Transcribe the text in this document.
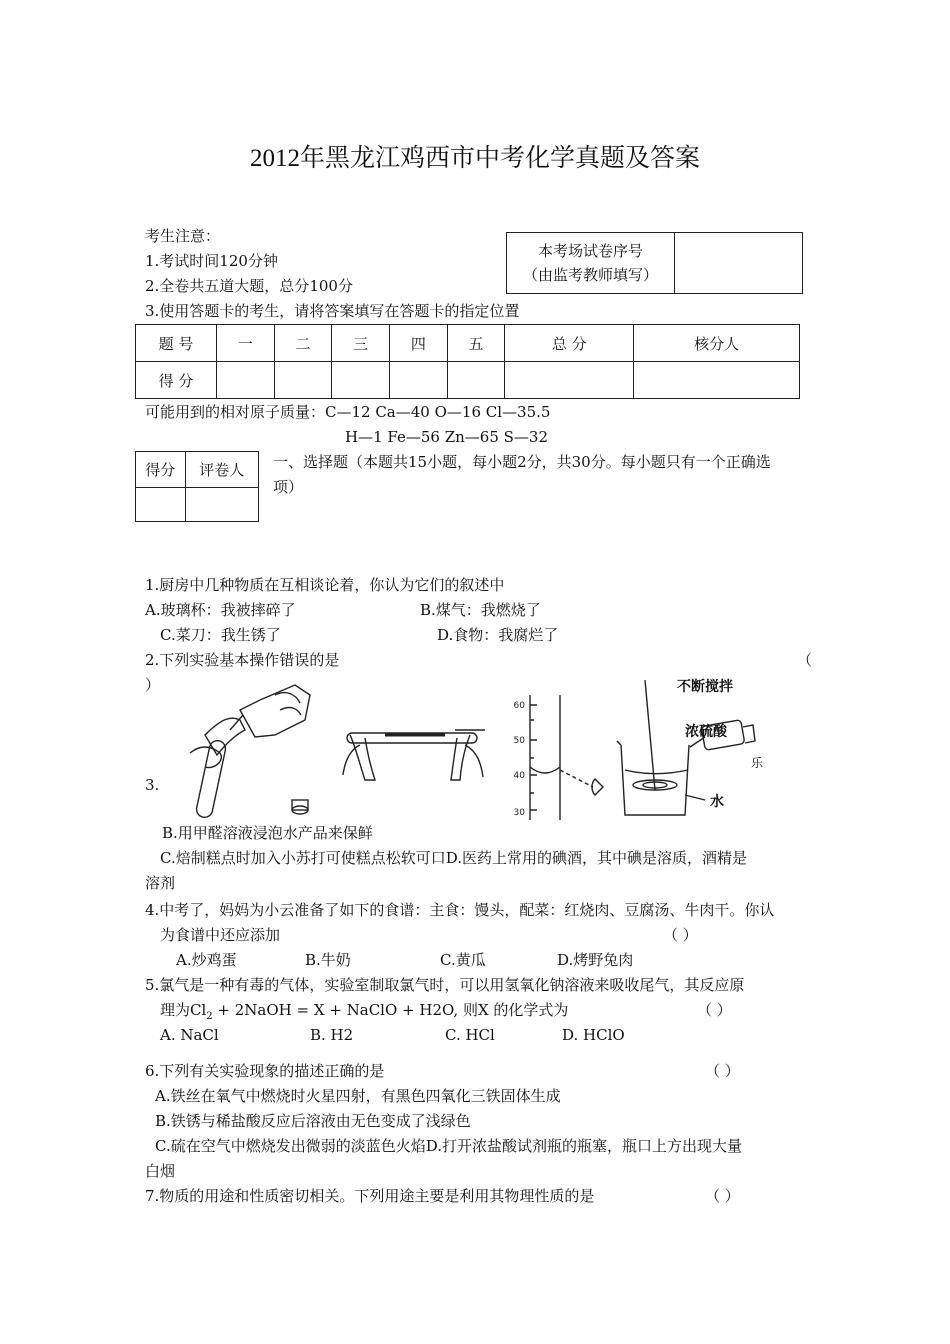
2012年黑龙江鸡西市中考化学真题及答案
考生注意：
1.考试时间120分钟
2.全卷共五道大题，总分100分
3.使用答题卡的考生，请将答案填写在答题卡的指定位置
本考场试卷序号
（由监考教师填写）

题 号	一	二	三	四	五	总 分	核分人
得 分							
可能用到的相对原子质量：C—12 Ca—40 O—16 Cl—35.5
H—1 Fe—56 Zn—65 S—32
得分	评卷人
	一、选择题（本题共15小题，每小题2分，共30分。每小题只有一个正确选
项）
1.厨房中几种物质在互相谈论着，你认为它们的叙述中
A.玻璃杯：我被摔碎了	B.煤气：我燃烧了
C.菜刀：我生锈了	D.食物：我腐烂了
2.下列实验基本操作错误的是	（
）
60
50
40
30
不断搅拌
浓硫酸
水
乐
3.
B.用甲醛溶液浸泡水产品来保鲜
C.焙制糕点时加入小苏打可使糕点松软可口D.医药上常用的碘酒，其中碘是溶质，酒精是
溶剂
4.中考了，妈妈为小云准备了如下的食谱：主食：馒头，配菜：红烧肉、豆腐汤、牛肉干。你认
为食谱中还应添加	（ ）
A.炒鸡蛋	B.牛奶	C.黄瓜	D.烤野兔肉
5.氯气是一种有毒的气体，实验室制取氯气时，可以用氢氧化钠溶液来吸收尾气，其反应原
理为$Cl_2$ + 2NaOH = X + NaClO + H2O, 则X 的化学式为	（ ）
A. NaCl	B. H2	C. HCl	D. HClO
6.下列有关实验现象的描述正确的是	（ ）
A.铁丝在氧气中燃烧时火星四射，有黑色四氧化三铁固体生成
B.铁锈与稀盐酸反应后溶液由无色变成了浅绿色
C.硫在空气中燃烧发出微弱的淡蓝色火焰D.打开浓盐酸试剂瓶的瓶塞，瓶口上方出现大量
白烟
7.物质的用途和性质密切相关。下列用途主要是利用其物理性质的是	（ ）
